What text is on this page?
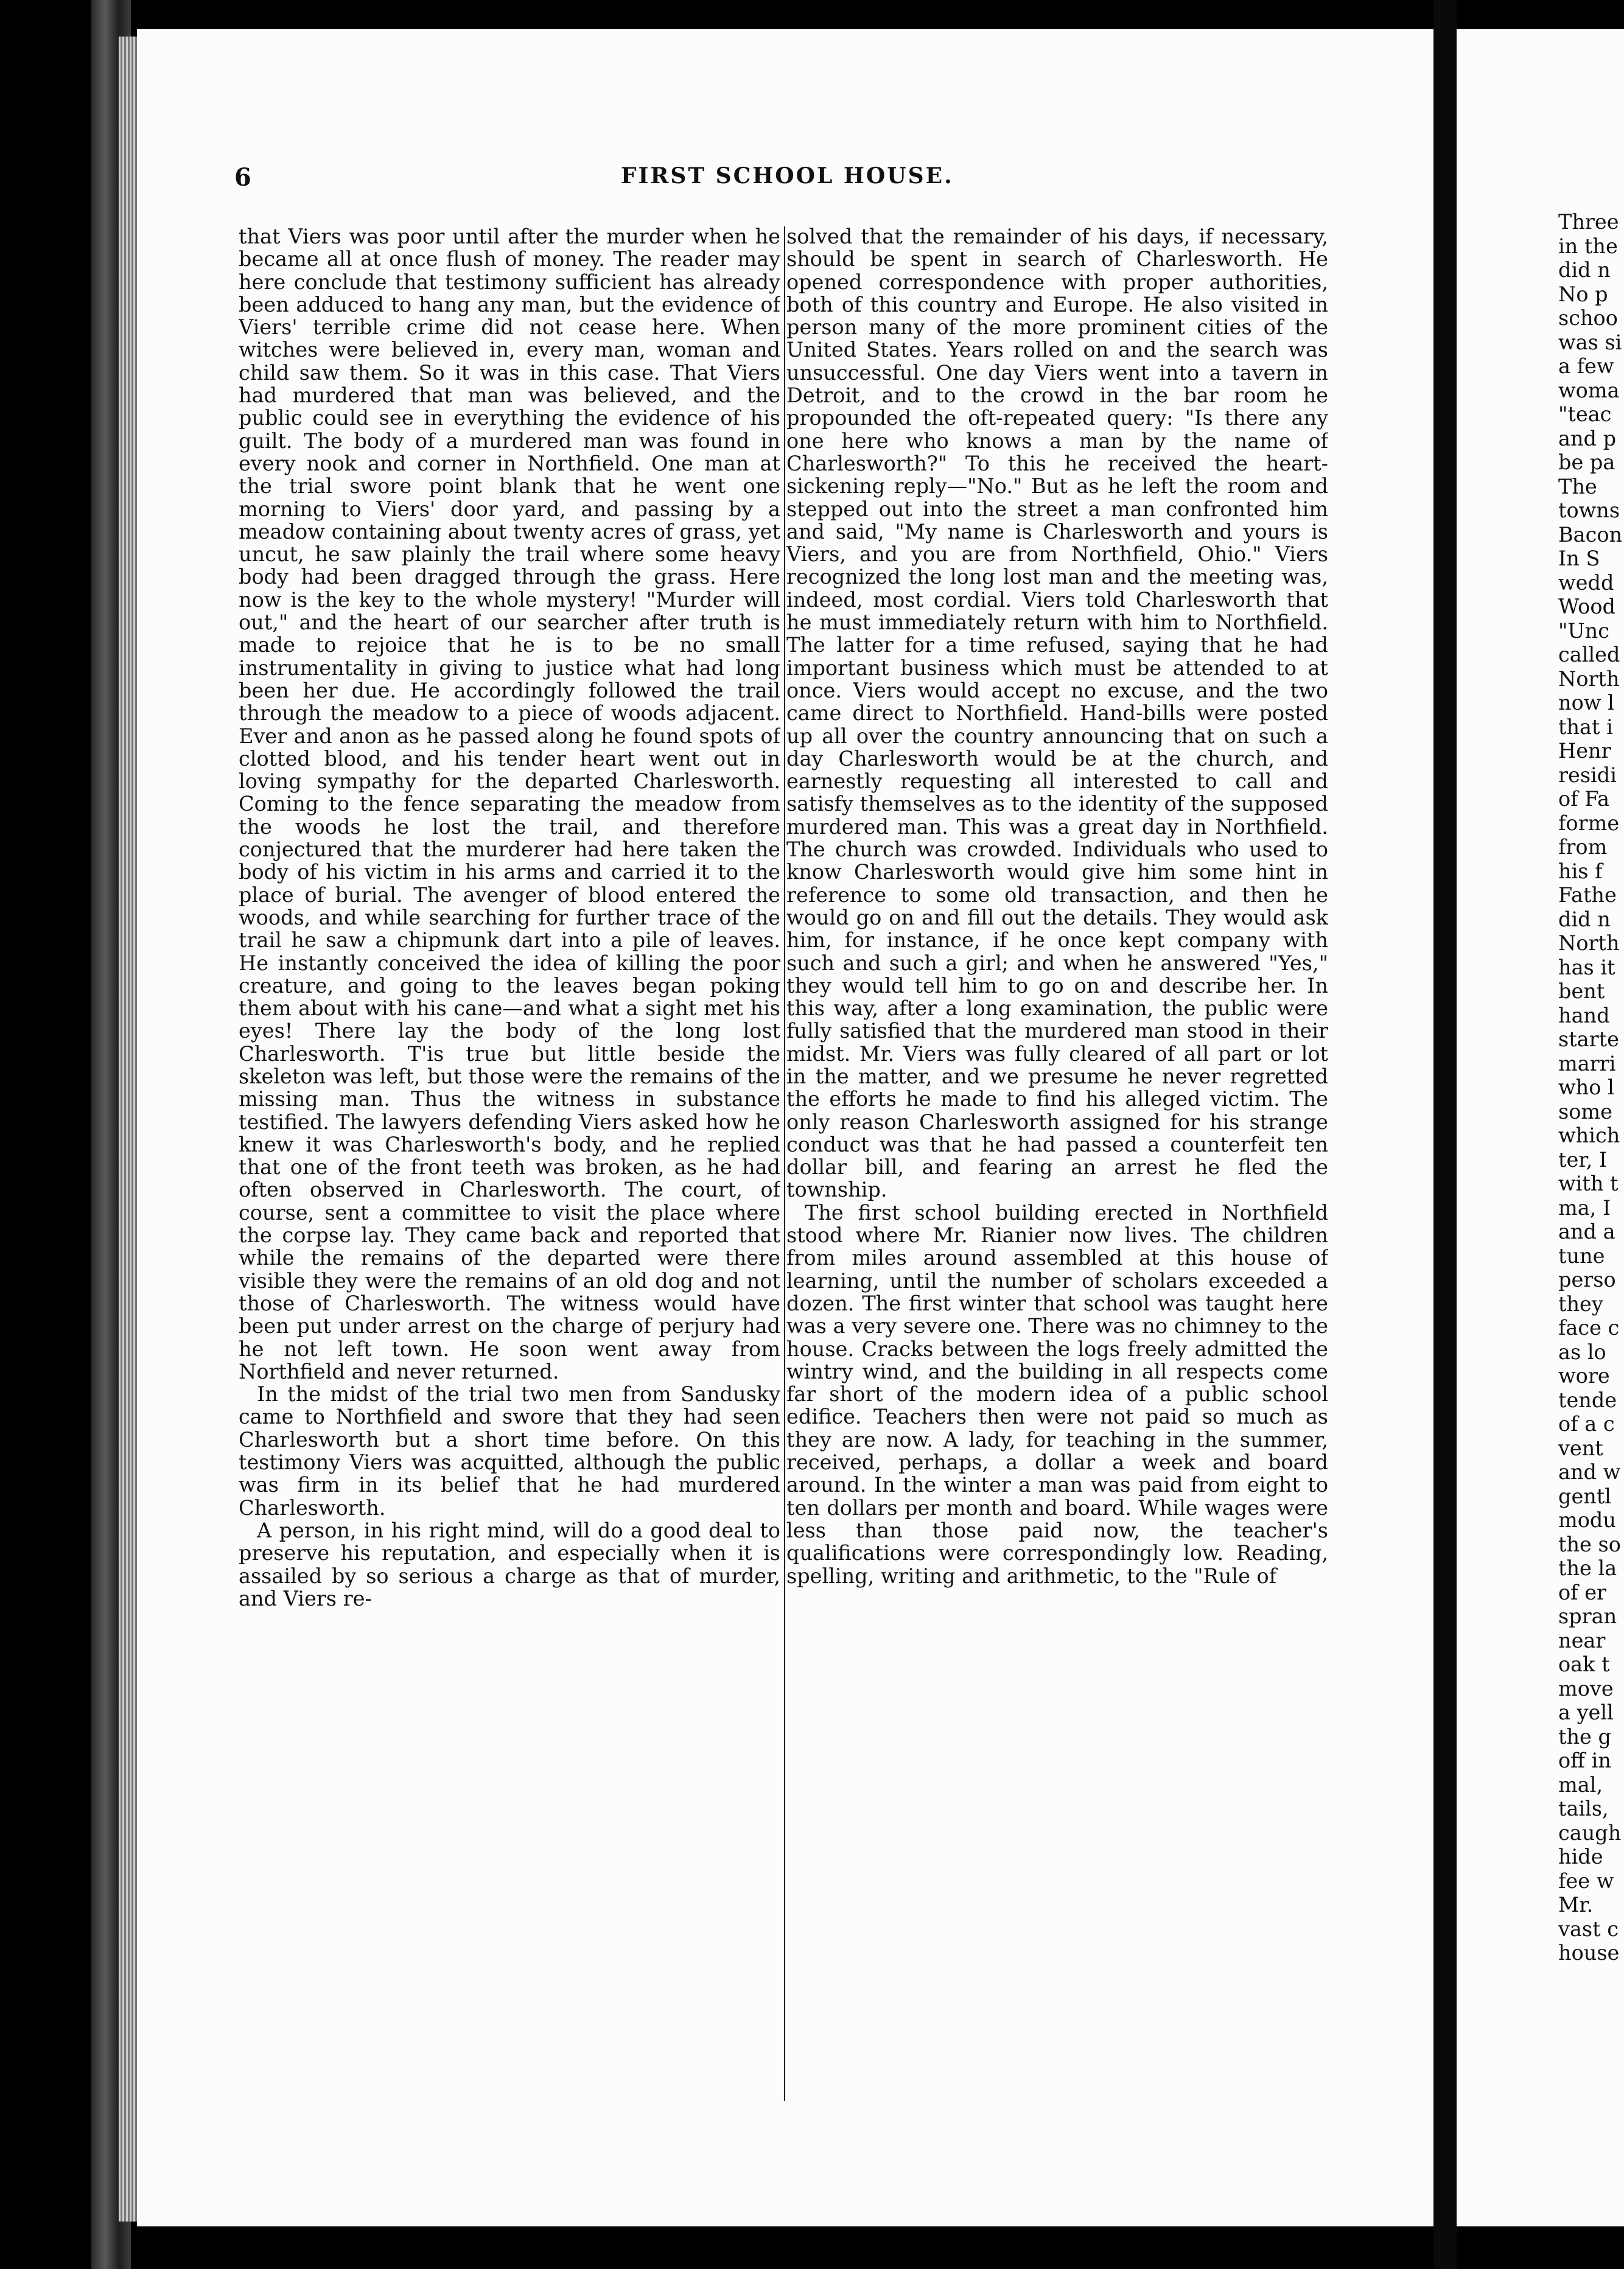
6	FIRST SCHOOL HOUSE.

that Viers was poor until after the murder when he became all at once flush of money. The reader may here conclude that testimony sufficient has already been adduced to hang any man, but the evidence of Viers' terrible crime did not cease here. When witches were believed in, every man, woman and child saw them. So it was in this case. That Viers had murdered that man was believed, and the public could see in everything the evidence of his guilt. The body of a murdered man was found in every nook and corner in Northfield. One man at the trial swore point blank that he went one morning to Viers' door yard, and passing by a meadow containing about twenty acres of grass, yet uncut, he saw plainly the trail where some heavy body had been dragged through the grass. Here now is the key to the whole mystery! "Murder will out," and the heart of our searcher after truth is made to rejoice that he is to be no small instrumentality in giving to justice what had long been her due. He accordingly followed the trail through the meadow to a piece of woods adjacent. Ever and anon as he passed along he found spots of clotted blood, and his tender heart went out in loving sympathy for the departed Charlesworth. Coming to the fence separating the meadow from the woods he lost the trail, and therefore conjectured that the murderer had here taken the body of his victim in his arms and carried it to the place of burial. The avenger of blood entered the woods, and while searching for further trace of the trail he saw a chipmunk dart into a pile of leaves. He instantly conceived the idea of killing the poor creature, and going to the leaves began poking them about with his cane—and what a sight met his eyes! There lay the body of the long lost Charlesworth. T'is true but little beside the skeleton was left, but those were the remains of the missing man. Thus the witness in substance testified. The lawyers defending Viers asked how he knew it was Charlesworth's body, and he replied that one of the front teeth was broken, as he had often observed in Charlesworth. The court, of course, sent a committee to visit the place where the corpse lay. They came back and reported that while the remains of the departed were there visible they were the remains of an old dog and not those of Charlesworth. The witness would have been put under arrest on the charge of perjury had he not left town. He soon went away from Northfield and never returned.

In the midst of the trial two men from Sandusky came to Northfield and swore that they had seen Charlesworth but a short time before. On this testimony Viers was acquitted, although the public was firm in its belief that he had murdered Charlesworth.

A person, in his right mind, will do a good deal to preserve his reputation, and especially when it is assailed by so serious a charge as that of murder, and Viers re-

solved that the remainder of his days, if necessary, should be spent in search of Charlesworth. He opened correspondence with proper authorities, both of this country and Europe. He also visited in person many of the more prominent cities of the United States. Years rolled on and the search was unsuccessful. One day Viers went into a tavern in Detroit, and to the crowd in the bar room he propounded the oft-repeated query: "Is there any one here who knows a man by the name of Charlesworth?" To this he received the heart-sickening reply—"No." But as he left the room and stepped out into the street a man confronted him and said, "My name is Charlesworth and yours is Viers, and you are from Northfield, Ohio." Viers recognized the long lost man and the meeting was, indeed, most cordial. Viers told Charlesworth that he must immediately return with him to Northfield. The latter for a time refused, saying that he had important business which must be attended to at once. Viers would accept no excuse, and the two came direct to Northfield. Hand-bills were posted up all over the country announcing that on such a day Charlesworth would be at the church, and earnestly requesting all interested to call and satisfy themselves as to the identity of the supposed murdered man. This was a great day in Northfield. The church was crowded. Individuals who used to know Charlesworth would give him some hint in reference to some old transaction, and then he would go on and fill out the details. They would ask him, for instance, if he once kept company with such and such a girl; and when he answered "Yes," they would tell him to go on and describe her. In this way, after a long examination, the public were fully satisfied that the murdered man stood in their midst. Mr. Viers was fully cleared of all part or lot in the matter, and we presume he never regretted the efforts he made to find his alleged victim. The only reason Charlesworth assigned for his strange conduct was that he had passed a counterfeit ten dollar bill, and fearing an arrest he fled the township.

The first school building erected in Northfield stood where Mr. Rianier now lives. The children from miles around assembled at this house of learning, until the number of scholars exceeded a dozen. The first winter that school was taught here was a very severe one. There was no chimney to the house. Cracks between the logs freely admitted the wintry wind, and the building in all respects come far short of the modern idea of a public school edifice. Teachers then were not paid so much as they are now. A lady, for teaching in the summer, received, perhaps, a dollar a week and board around. In the winter a man was paid from eight to ten dollars per month and board. While wages were less than those paid now, the teacher's qualifications were correspondingly low. Reading, spelling, writing and arithmetic, to the "Rule of

Three
in the
did n
No p
schoo
was si
a few
woma
"teac
and p
be pa
The
towns
Bacon
In S
wedd
Wood
"Unc
called
North
now l
that i
Henr
residi
of Fa
forme
from
his f
Fathe
did n
North
has it
bent
hand
starte
marri
who l
some
which
ter, I
with t
ma, I
and a
tune
perso
they
face c
as lo
wore
tende
of a c
vent
and w
gentl
modu
the so
the la
of er
spran
near
oak t
move
a yell
the g
off in
mal,
tails,
caugh
hide
fee w
Mr.
vast c
house
